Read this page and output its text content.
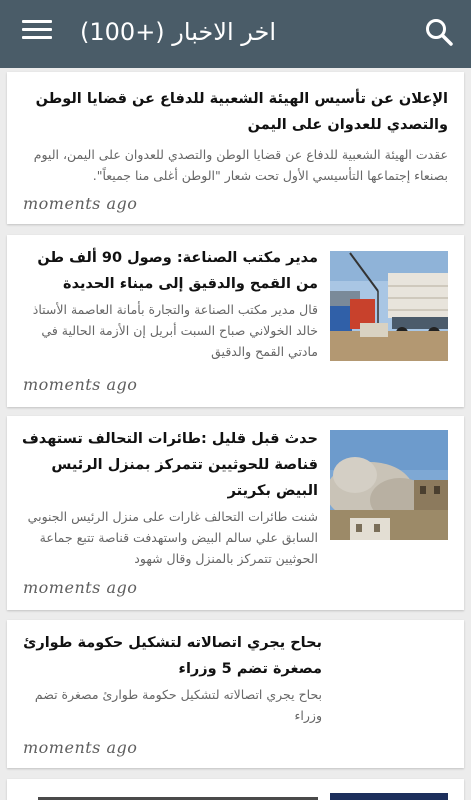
اخر الاخبار (+100)
الإعلان عن تأسيس الهيئة الشعبية للدفاع عن قضايا الوطن والتصدي للعدوان على اليمن
عقدت الهيئة الشعبية للدفاع عن قضايا الوطن والتصدي للعدوان على اليمن، اليوم بصنعاء إجتماعها التأسيسي الأول تحت شعار "الوطن أغلى منا جميعاً".
moments ago
مدير مكتب الصناعة: وصول 90 ألف طن من القمح والدقيق إلى ميناء الحديدة
قال مدير مكتب الصناعة والتجارة بأمانة العاصمة الأستاذ خالد الخولاني صباح السبت أبريل إن الأزمة الحالية في مادتي القمح والدقيق
moments ago
حدث قبل قليل :طائرات التحالف تستهدف قناصة للحوثيين تتمركز بمنزل الرئيس البيض بكريتر
شنت طائرات التحالف غارات على منزل الرئيس الجنوبي السابق علي سالم البيض واستهدفت قناصة تتبع جماعة الحوثيين تتمركز بالمنزل وقال شهود
moments ago
بحاح يجري اتصالاته لتشكيل حكومة طوارئ مصغرة تضم 5 وزراء
بحاح يجري اتصالاته لتشكيل حكومة طوارئ مصغرة تضم وزراء
moments ago
